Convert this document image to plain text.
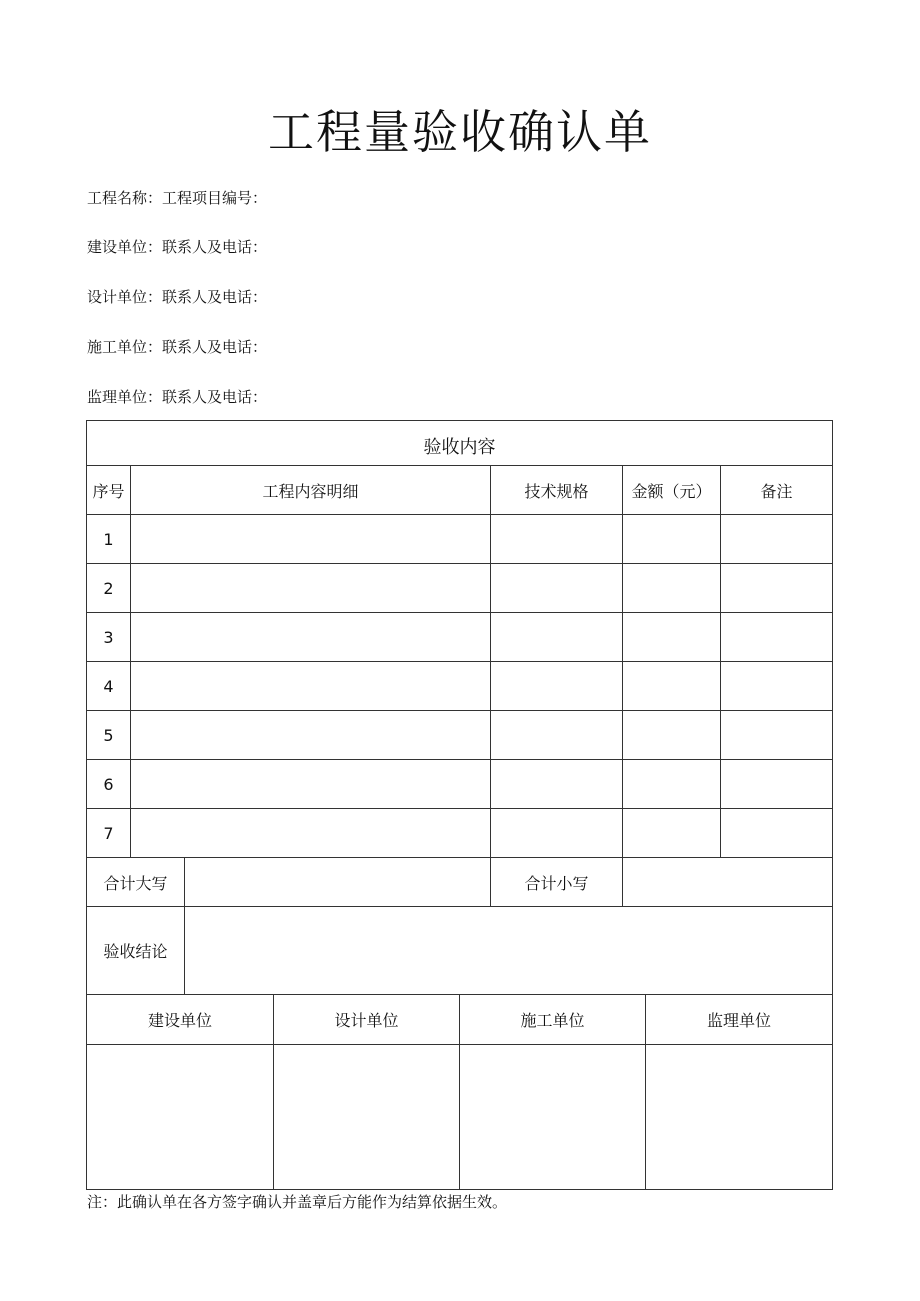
工程量验收确认单
工程名称：工程项目编号：
建设单位：联系人及电话：
设计单位：联系人及电话：
施工单位：联系人及电话：
监理单位：联系人及电话：
验收内容					
序号	工程内容明细		技术规格	金额（元）	备注
1					
2					
3					
4					
5					
6					
7					
合计大写			合计小写		
验收结论					
建设单位	设计单位	施工单位	监理单位

注：此确认单在各方签字确认并盖章后方能作为结算依据生效。
